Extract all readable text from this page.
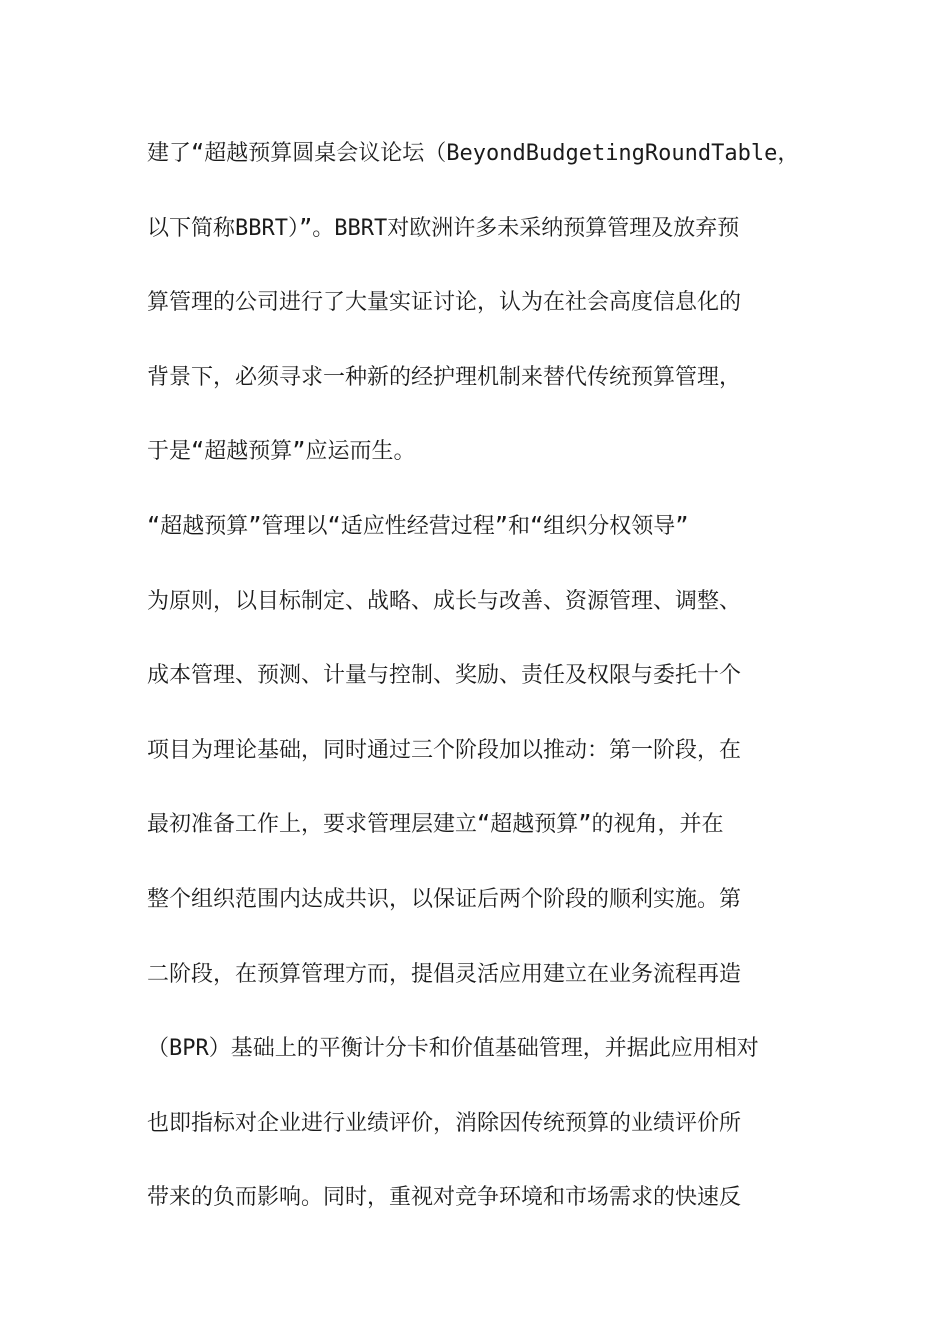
建了“超越预算圆桌会议论坛（BeyondBudgetingRoundTable，
以下简称BBRT）”。BBRT对欧洲许多未采纳预算管理及放弃预
算管理的公司进行了大量实证讨论，认为在社会高度信息化的
背景下，必须寻求一种新的经护理机制来替代传统预算管理，
于是“超越预算”应运而生。
“超越预算”管理以“适应性经营过程”和“组织分权领导”
为原则，以目标制定、战略、成长与改善、资源管理、调整、
成本管理、预测、计量与控制、奖励、责任及权限与委托十个
项目为理论基础，同时通过三个阶段加以推动：第一阶段，在
最初准备工作上，要求管理层建立“超越预算”的视角，并在
整个组织范围内达成共识，以保证后两个阶段的顺利实施。第
二阶段，在预算管理方而，提倡灵活应用建立在业务流程再造
（BPR）基础上的平衡计分卡和价值基础管理，并据此应用相对
也即指标对企业进行业绩评价，消除因传统预算的业绩评价所
带来的负而影响。同时，重视对竞争环境和市场需求的快速反
